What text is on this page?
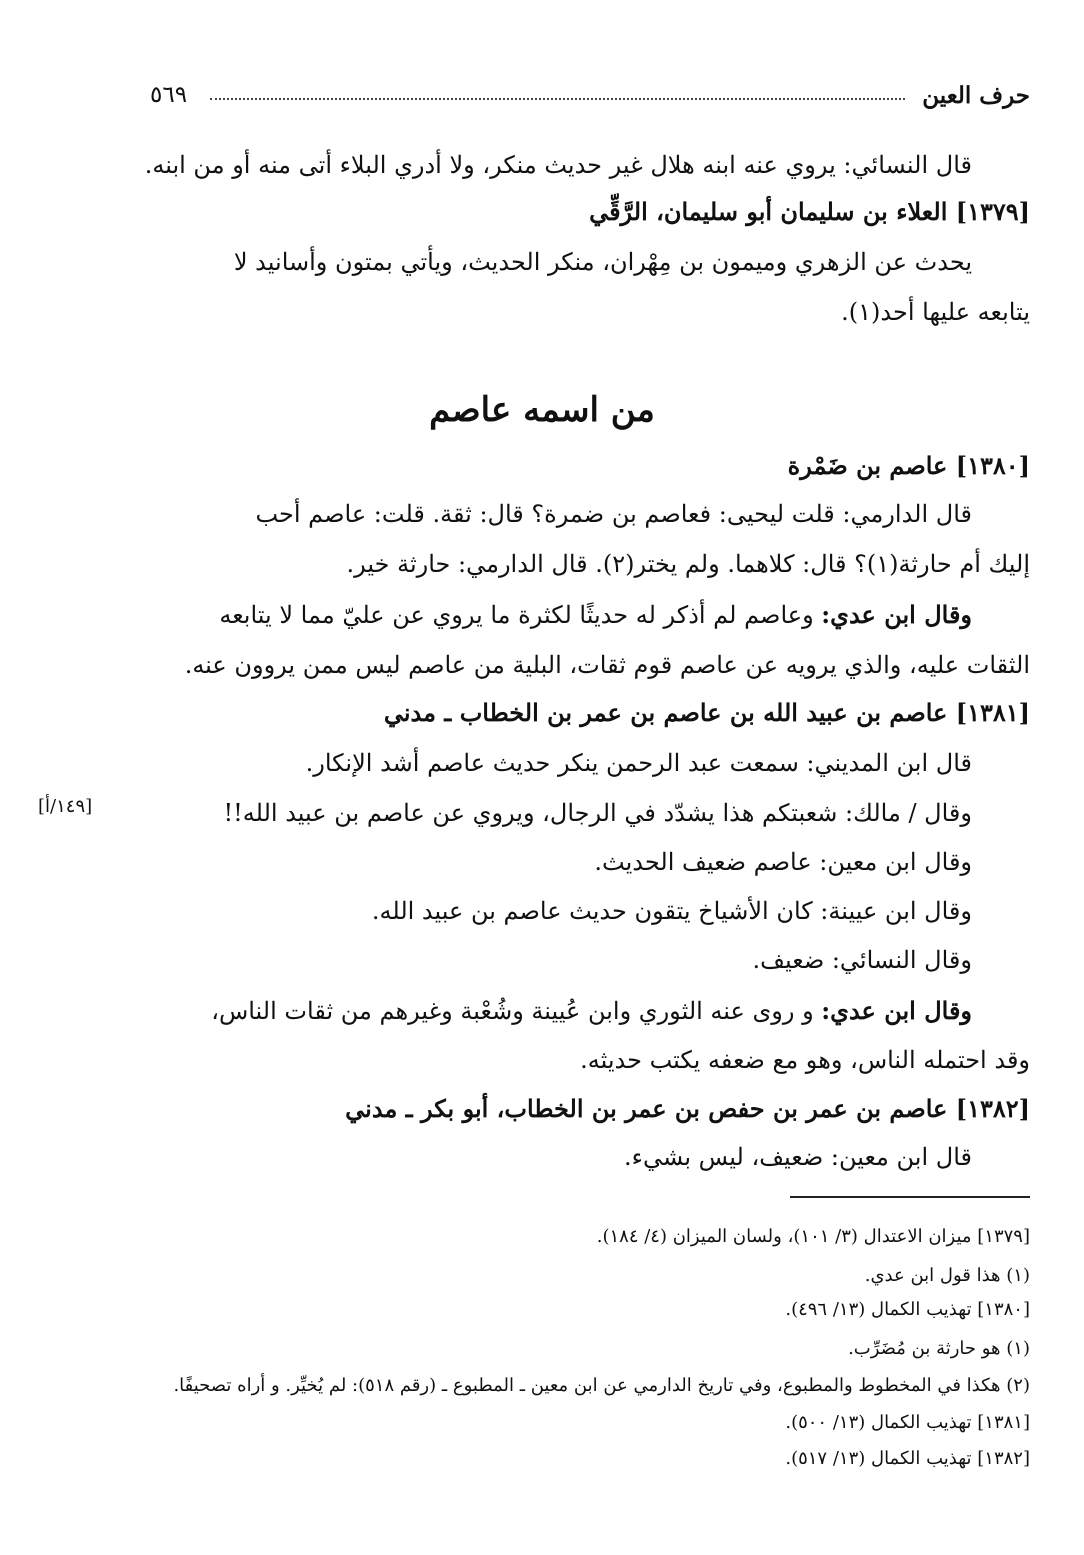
حرف العين
٥٦٩
قال النسائي: يروي عنه ابنه هلال غير حديث منكر، ولا أدري البلاء أتى منه أو من ابنه.
[١٣٧٩] العلاء بن سليمان أبو سليمان، الرَّقِّي
يحدث عن الزهري وميمون بن مِهْران، منكر الحديث، ويأتي بمتون وأسانيد لا
يتابعه عليها أحد(١).
من اسمه عاصم
[١٣٨٠] عاصم بن ضَمْرة
قال الدارمي: قلت ليحيى: فعاصم بن ضمرة؟ قال: ثقة. قلت: عاصم أحب
إليك أم حارثة(١)؟ قال: كلاهما. ولم يختر(٢). قال الدارمي: حارثة خير.
وقال ابن عدي: وعاصم لم أذكر له حديثًا لكثرة ما يروي عن عليّ مما لا يتابعه
الثقات عليه، والذي يرويه عن عاصم قوم ثقات، البلية من عاصم ليس ممن يروون عنه.
[١٣٨١] عاصم بن عبيد الله بن عاصم بن عمر بن الخطاب ـ مدني
قال ابن المديني: سمعت عبد الرحمن ينكر حديث عاصم أشد الإنكار.
وقال / مالك: شعبتكم هذا يشدّد في الرجال، ويروي عن عاصم بن عبيد الله!!
[١٤٩/أ]
وقال ابن معين: عاصم ضعيف الحديث.
وقال ابن عيينة: كان الأشياخ يتقون حديث عاصم بن عبيد الله.
وقال النسائي: ضعيف.
وقال ابن عدي: و روى عنه الثوري وابن عُيينة وشُعْبة وغيرهم من ثقات الناس،
وقد احتمله الناس، وهو مع ضعفه يكتب حديثه.
[١٣٨٢] عاصم بن عمر بن حفص بن عمر بن الخطاب، أبو بكر ـ مدني
قال ابن معين: ضعيف، ليس بشيء.
[١٣٧٩] ميزان الاعتدال (٣/ ١٠١)، ولسان الميزان (٤/ ١٨٤).
(١) هذا قول ابن عدي.
[١٣٨٠] تهذيب الكمال (١٣/ ٤٩٦).
(١) هو حارثة بن مُضَرِّب.
(٢) هكذا في المخطوط والمطبوع، وفي تاريخ الدارمي عن ابن معين ـ المطبوع ـ (رقم ٥١٨): لم يُخيِّر. و أراه تصحيفًا.
[١٣٨١] تهذيب الكمال (١٣/ ٥٠٠).
[١٣٨٢] تهذيب الكمال (١٣/ ٥١٧).
